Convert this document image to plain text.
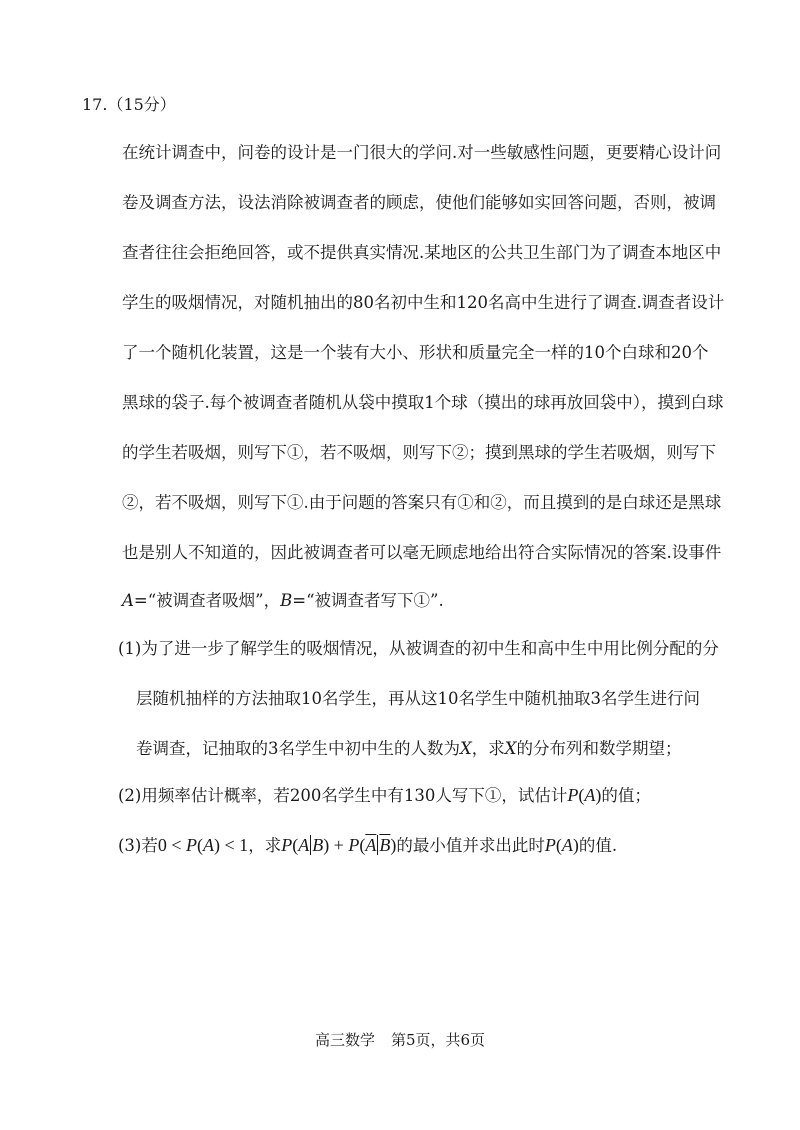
17.（15分）
在统计调查中，问卷的设计是一门很大的学问.对一些敏感性问题，更要精心设计问
卷及调查方法，设法消除被调查者的顾虑，使他们能够如实回答问题，否则，被调
查者往往会拒绝回答，或不提供真实情况.某地区的公共卫生部门为了调查本地区中
学生的吸烟情况，对随机抽出的80名初中生和120名高中生进行了调查.调查者设计
了一个随机化装置，这是一个装有大小、形状和质量完全一样的10个白球和20个
黑球的袋子.每个被调查者随机从袋中摸取1个球（摸出的球再放回袋中），摸到白球
的学生若吸烟，则写下①，若不吸烟，则写下②；摸到黑球的学生若吸烟，则写下
②，若不吸烟，则写下①.由于问题的答案只有①和②，而且摸到的是白球还是黑球
也是别人不知道的，因此被调查者可以毫无顾虑地给出符合实际情况的答案.设事件
A=“被调查者吸烟”，B=“被调查者写下①”.
(1)为了进一步了解学生的吸烟情况，从被调查的初中生和高中生中用比例分配的分
层随机抽样的方法抽取10名学生，再从这10名学生中随机抽取3名学生进行问
卷调查，记抽取的3名学生中初中生的人数为X，求X的分布列和数学期望；
(2)用频率估计概率，若200名学生中有130人写下①，试估计P(A)的值；
(3)若0 < P(A) < 1，求P(A $B) + P(\overline{A}$ $\overline{B}$)的最小值并求出此时P(A)的值.
高三数学 第5页，共6页
